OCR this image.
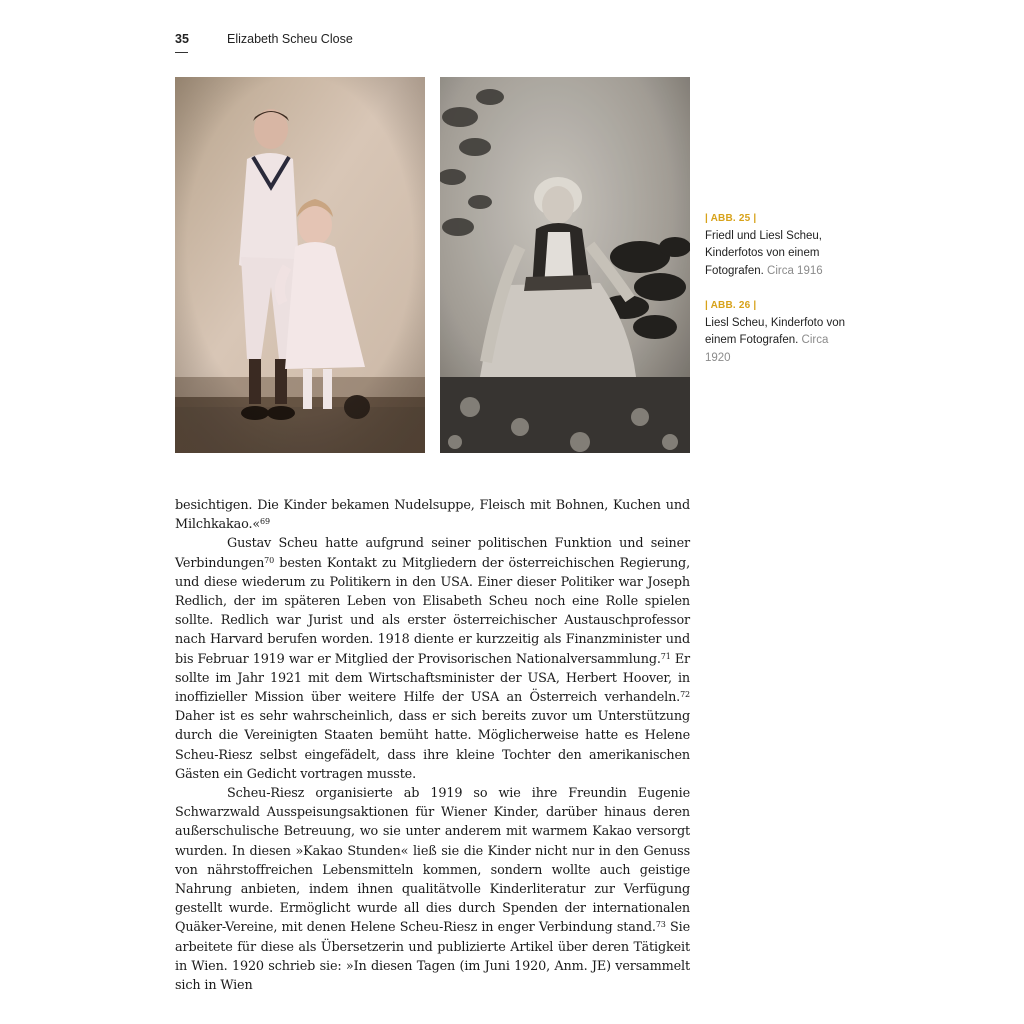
35	Elizabeth Scheu Close
| ABB. 25 |
Friedl und Liesl Scheu, Kinderfotos von einem Fotografen. Circa 1916
| ABB. 26 |
Liesl Scheu, Kinderfoto von einem Fotografen. Circa 1920

besichtigen. Die Kinder bekamen Nudelsuppe, Fleisch mit Bohnen, Kuchen und Milchkakao.«$^{69}$

Gustav Scheu hatte aufgrund seiner politischen Funktion und seiner Verbindungen$^{70}$ besten Kontakt zu Mitgliedern der österreichischen Regierung, und diese wiederum zu Politikern in den USA. Einer dieser Politiker war Joseph Redlich, der im späteren Leben von Elisabeth Scheu noch eine Rolle spielen sollte. Redlich war Jurist und als erster österreichischer Austauschprofessor nach Harvard berufen worden. 1918 diente er kurzzeitig als Finanzminister und bis Februar 1919 war er Mitglied der Provisorischen Nationalversammlung.$^{71}$ Er sollte im Jahr 1921 mit dem Wirtschaftsminister der USA, Herbert Hoover, in inoffizieller Mission über weitere Hilfe der USA an Österreich verhandeln.$^{72}$ Daher ist es sehr wahrscheinlich, dass er sich bereits zuvor um Unterstützung durch die Vereinigten Staaten bemüht hatte. Möglicherweise hatte es Helene Scheu-Riesz selbst eingefädelt, dass ihre kleine Tochter den amerikanischen Gästen ein Gedicht vortragen musste.

Scheu-Riesz organisierte ab 1919 so wie ihre Freundin Eugenie Schwarzwald Ausspeisungsaktionen für Wiener Kinder, darüber hinaus deren außerschulische Betreuung, wo sie unter anderem mit warmem Kakao versorgt wurden. In diesen »Kakao Stunden« ließ sie die Kinder nicht nur in den Genuss von nährstoffreichen Lebensmitteln kommen, sondern wollte auch geistige Nahrung anbieten, indem ihnen qualitätvolle Kinderliteratur zur Verfügung gestellt wurde. Ermöglicht wurde all dies durch Spenden der internationalen Quäker-Vereine, mit denen Helene Scheu-Riesz in enger Verbindung stand.$^{73}$ Sie arbeitete für diese als Übersetzerin und publizierte Artikel über deren Tätigkeit in Wien. 1920 schrieb sie: »In diesen Tagen (im Juni 1920, Anm. JE) versammelt sich in Wien
